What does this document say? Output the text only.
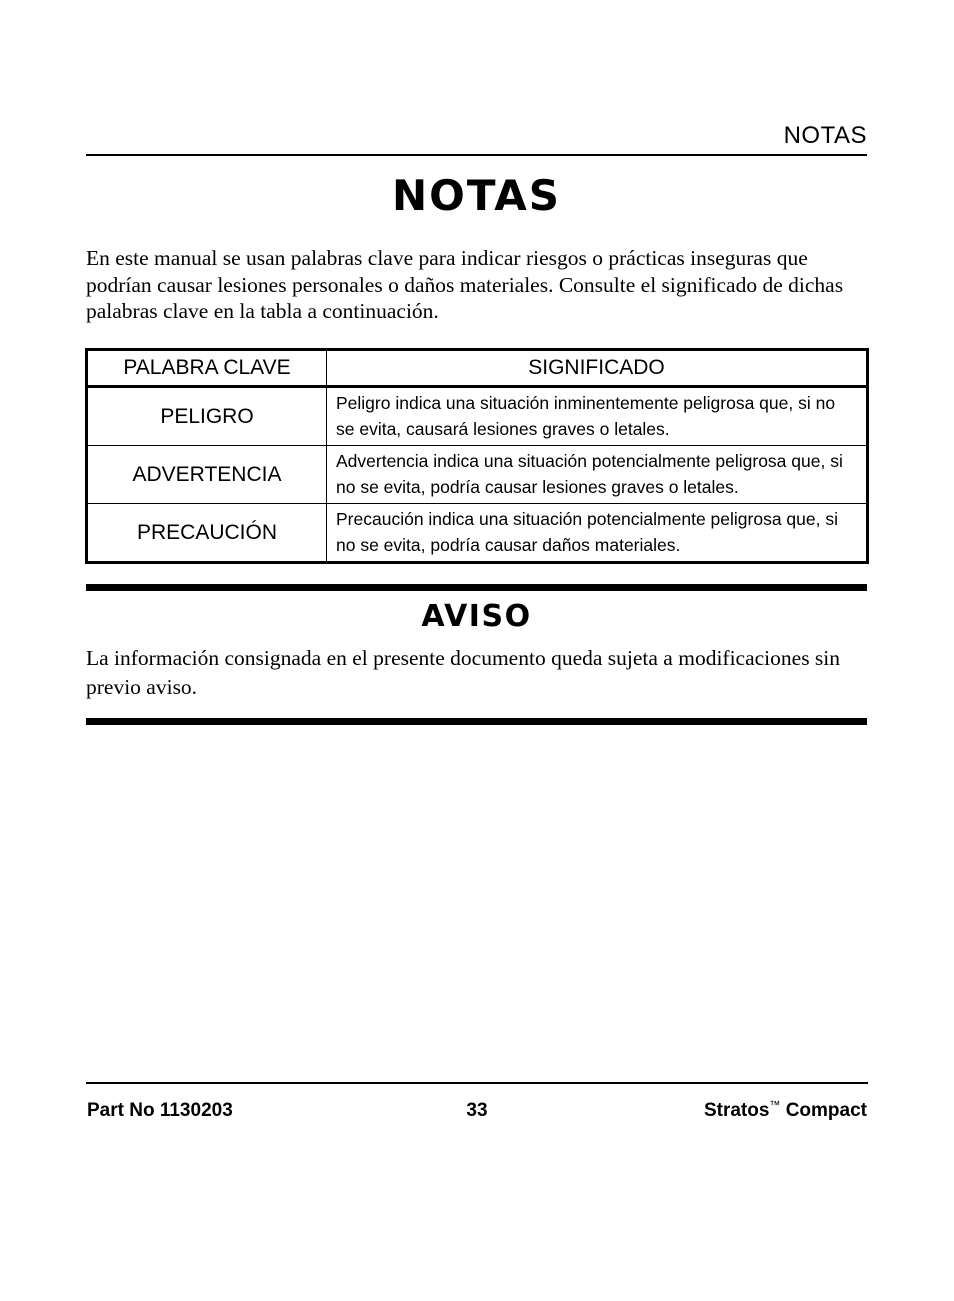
NOTAS
NOTAS

En este manual se usan palabras clave para indicar riesgos o prácticas inseguras que podrían causar lesiones personales o daños materiales. Consulte el significado de dichas palabras clave en la tabla a continuación.

PALABRA CLAVE	SIGNIFICADO
PELIGRO	Peligro indica una situación inminentemente peligrosa que, si no se evita, causará lesiones graves o letales.
ADVERTENCIA	Advertencia indica una situación potencialmente peligrosa que, si no se evita, podría causar lesiones graves o letales.
PRECAUCIÓN	Precaución indica una situación potencialmente peligrosa que, si no se evita, podría causar daños materiales.
AVISO

La información consignada en el presente documento queda sujeta a modificaciones sin previo aviso.

Part No 1130203	33	Stratos™ Compact
